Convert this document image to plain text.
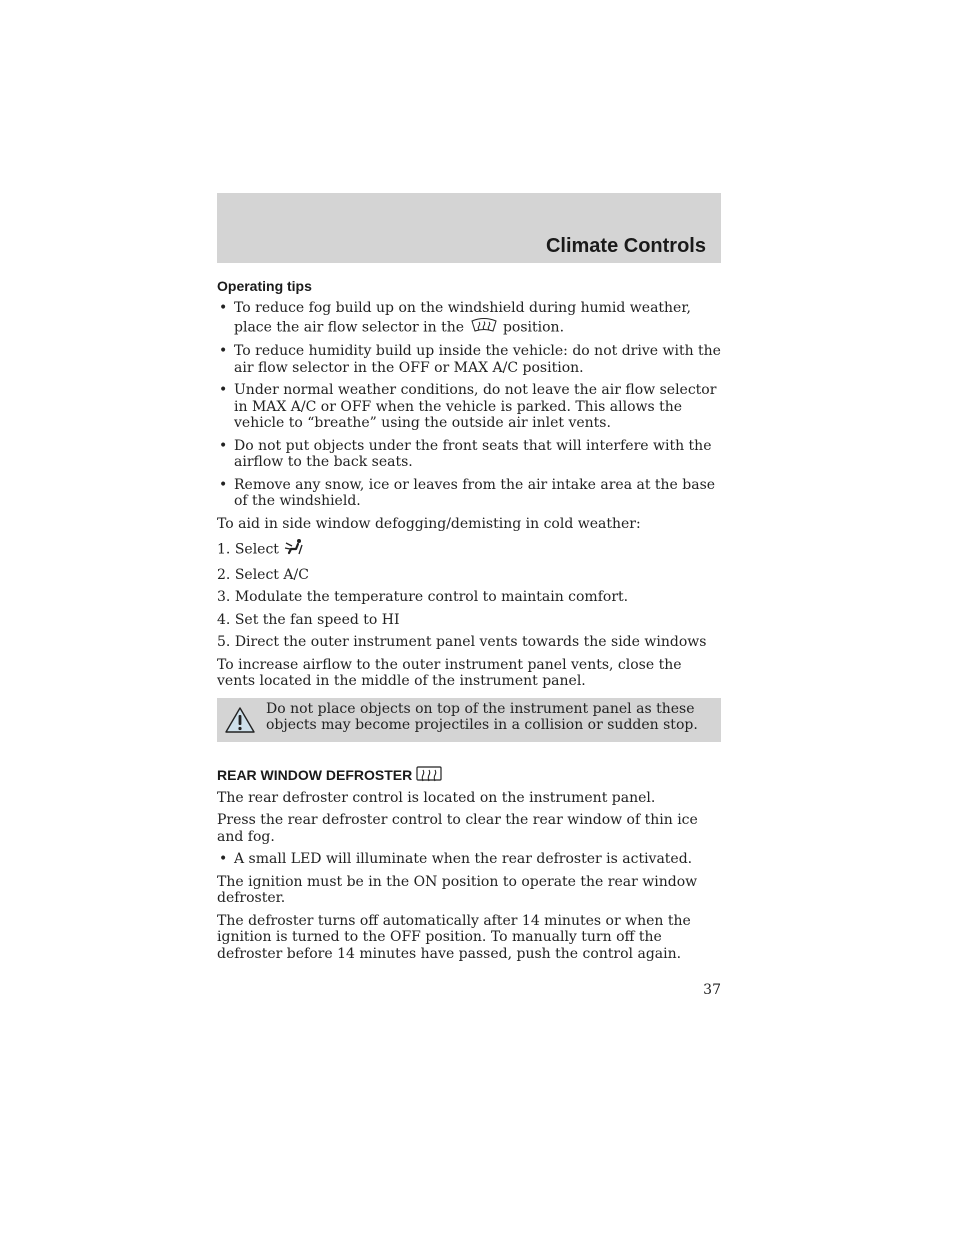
Climate Controls
Operating tips
• To reduce fog build up on the windshield during humid weather, place the air flow selector in the	position.
• To reduce humidity build up inside the vehicle: do not drive with the air flow selector in the OFF or MAX A/C position.
• Under normal weather conditions, do not leave the air flow selector in MAX A/C or OFF when the vehicle is parked. This allows the vehicle to “breathe” using the outside air inlet vents.
• Do not put objects under the front seats that will interfere with the airflow to the back seats.
• Remove any snow, ice or leaves from the air intake area at the base of the windshield.

To aid in side window defogging/demisting in cold weather:

1. Select
2. Select A/C
3. Modulate the temperature control to maintain comfort.
4. Set the fan speed to HI
5. Direct the outer instrument panel vents towards the side windows

To increase airflow to the outer instrument panel vents, close the vents located in the middle of the instrument panel.

Do not place objects on top of the instrument panel as these objects may become projectiles in a collision or sudden stop.
REAR WINDOW DEFROSTER

The rear defroster control is located on the instrument panel.

Press the rear defroster control to clear the rear window of thin ice and fog.

• A small LED will illuminate when the rear defroster is activated.

The ignition must be in the ON position to operate the rear window defroster.

The defroster turns off automatically after 14 minutes or when the ignition is turned to the OFF position. To manually turn off the defroster before 14 minutes have passed, push the control again.

37
